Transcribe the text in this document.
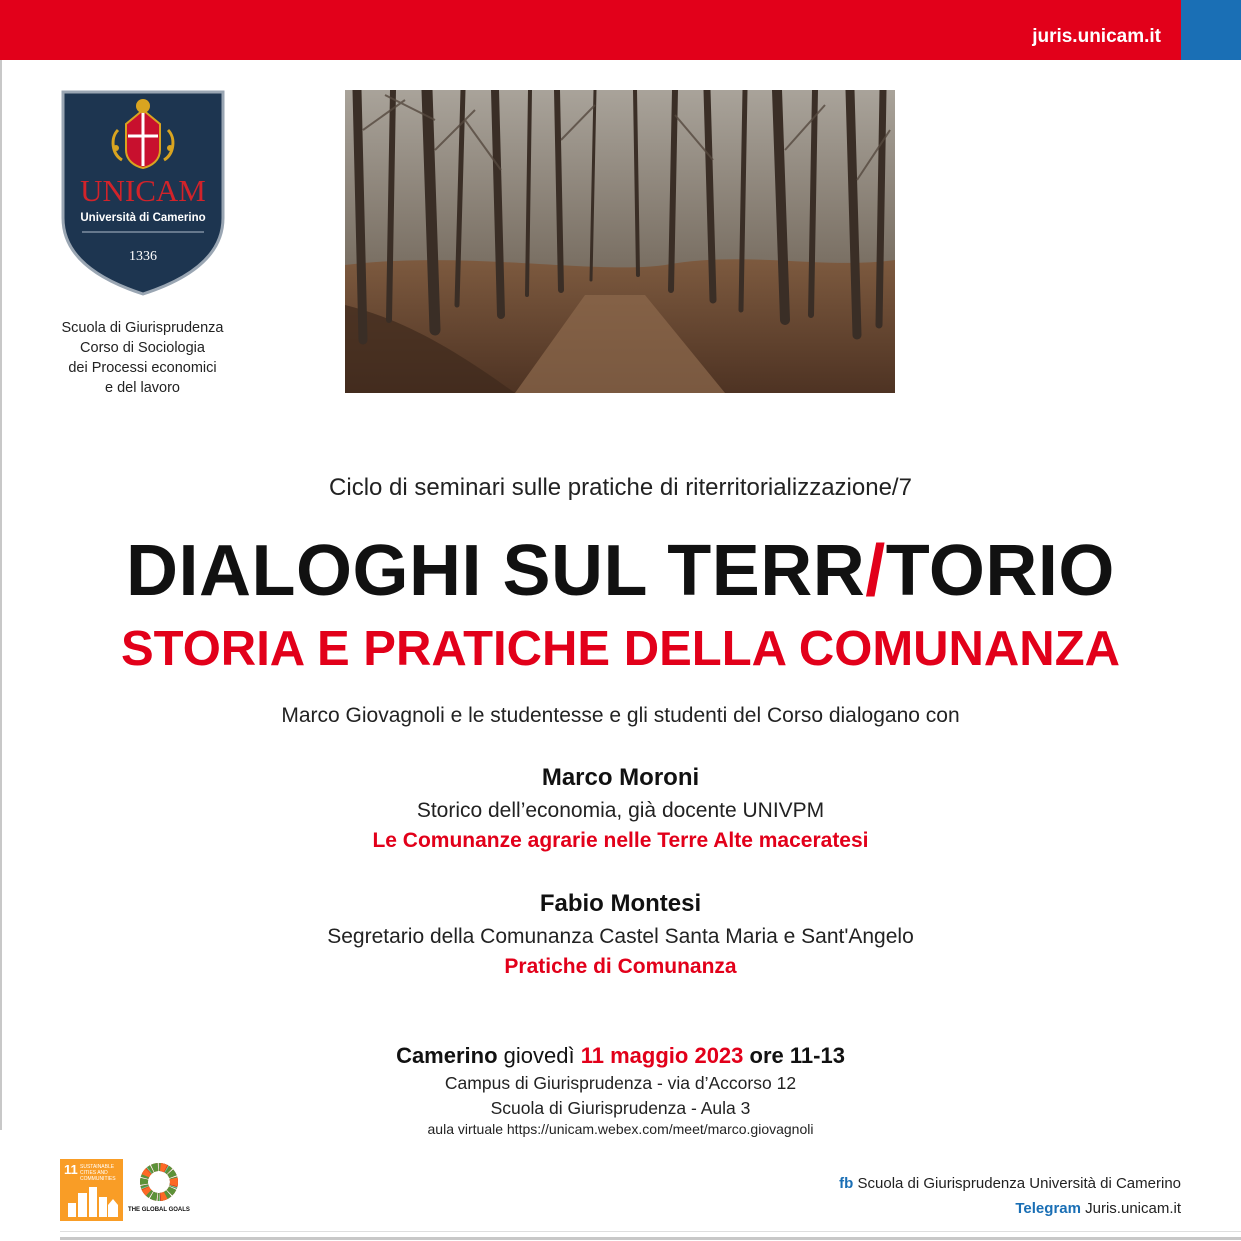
juris.unicam.it
UNICAM
Università di Camerino
1336
Scuola di Giurisprudenza
Corso di Sociologia
dei Processi economici
e del lavoro
Ciclo di seminari sulle pratiche di riterritorializzazione/7
DIALOGHI SUL TERR/TORIO
STORIA E PRATICHE DELLA COMUNANZA
Marco Giovagnoli e le studentesse e gli studenti del Corso dialogano con
Marco Moroni
Storico dell’economia, già docente UNIVPM
Le Comunanze agrarie nelle Terre Alte maceratesi
Fabio Montesi
Segretario della Comunanza Castel Santa Maria e Sant'Angelo
Pratiche di Comunanza
Camerino giovedì 11 maggio 2023 ore 11-13
Campus di Giurisprudenza - via d’Accorso 12
Scuola di Giurisprudenza - Aula 3
aula virtuale https://unicam.webex.com/meet/marco.giovagnoli
11 SUSTAINABLE CITIES AND COMMUNITIES
THE GLOBAL GOALS
fb Scuola di Giurisprudenza Università di Camerino
Telegram Juris.unicam.it
